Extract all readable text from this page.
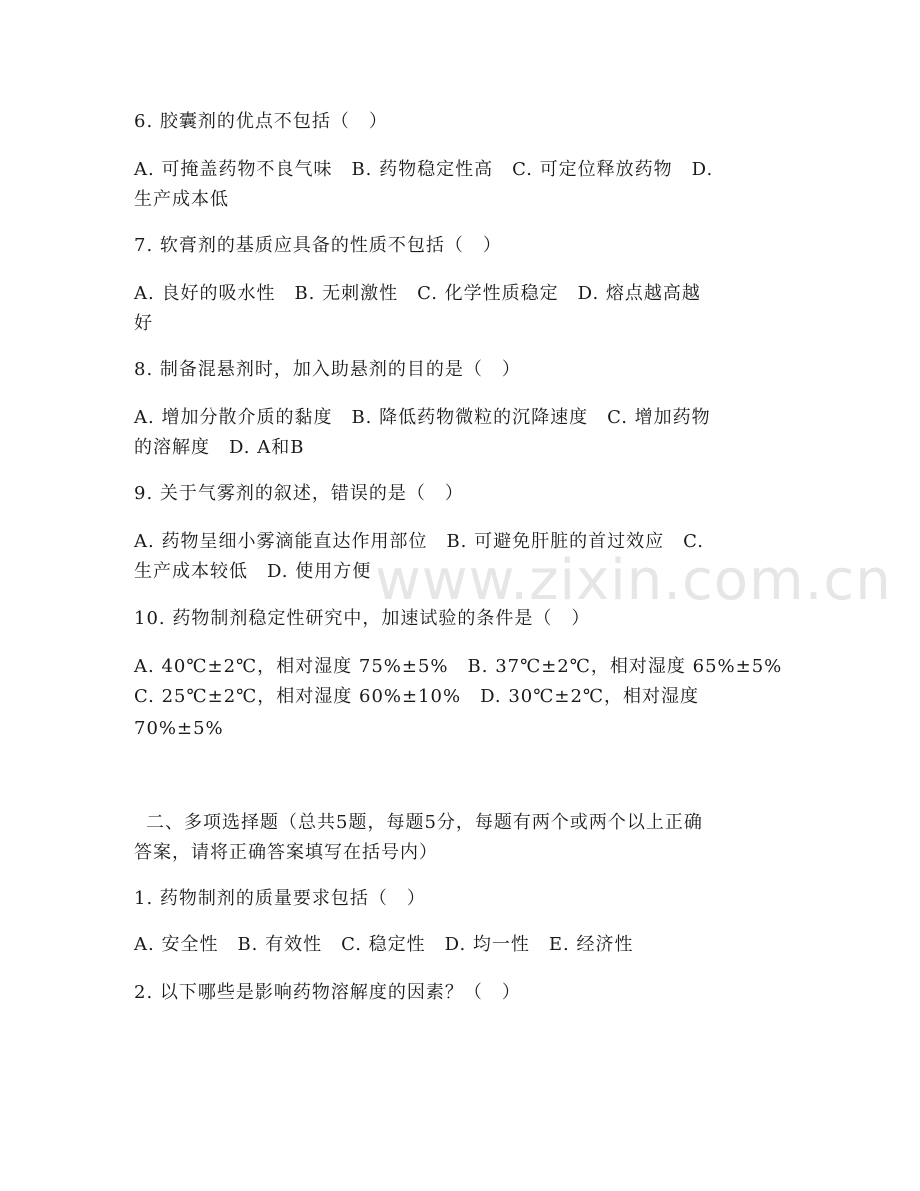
www.zixin.com.cn
6. 胶囊剂的优点不包括（　）
A. 可掩盖药物不良气味　B. 药物稳定性高　C. 可定位释放药物　D.
生产成本低
7. 软膏剂的基质应具备的性质不包括（　）
A. 良好的吸水性　B. 无刺激性　C. 化学性质稳定　D. 熔点越高越
好
8. 制备混悬剂时，加入助悬剂的目的是（　）
A. 增加分散介质的黏度　B. 降低药物微粒的沉降速度　C. 增加药物
的溶解度　D. A和B
9. 关于气雾剂的叙述，错误的是（　）
A. 药物呈细小雾滴能直达作用部位　B. 可避免肝脏的首过效应　C.
生产成本较低　D. 使用方便
10. 药物制剂稳定性研究中，加速试验的条件是（　）
A. 40℃±2℃，相对湿度 75%±5%　B. 37℃±2℃，相对湿度 65%±5%
C. 25℃±2℃，相对湿度 60%±10%　D. 30℃±2℃，相对湿度
70%±5%
二、多项选择题（总共5题，每题5分，每题有两个或两个以上正确
答案，请将正确答案填写在括号内）
1. 药物制剂的质量要求包括（　）
A. 安全性　B. 有效性　C. 稳定性　D. 均一性　E. 经济性
2. 以下哪些是影响药物溶解度的因素？（　）
